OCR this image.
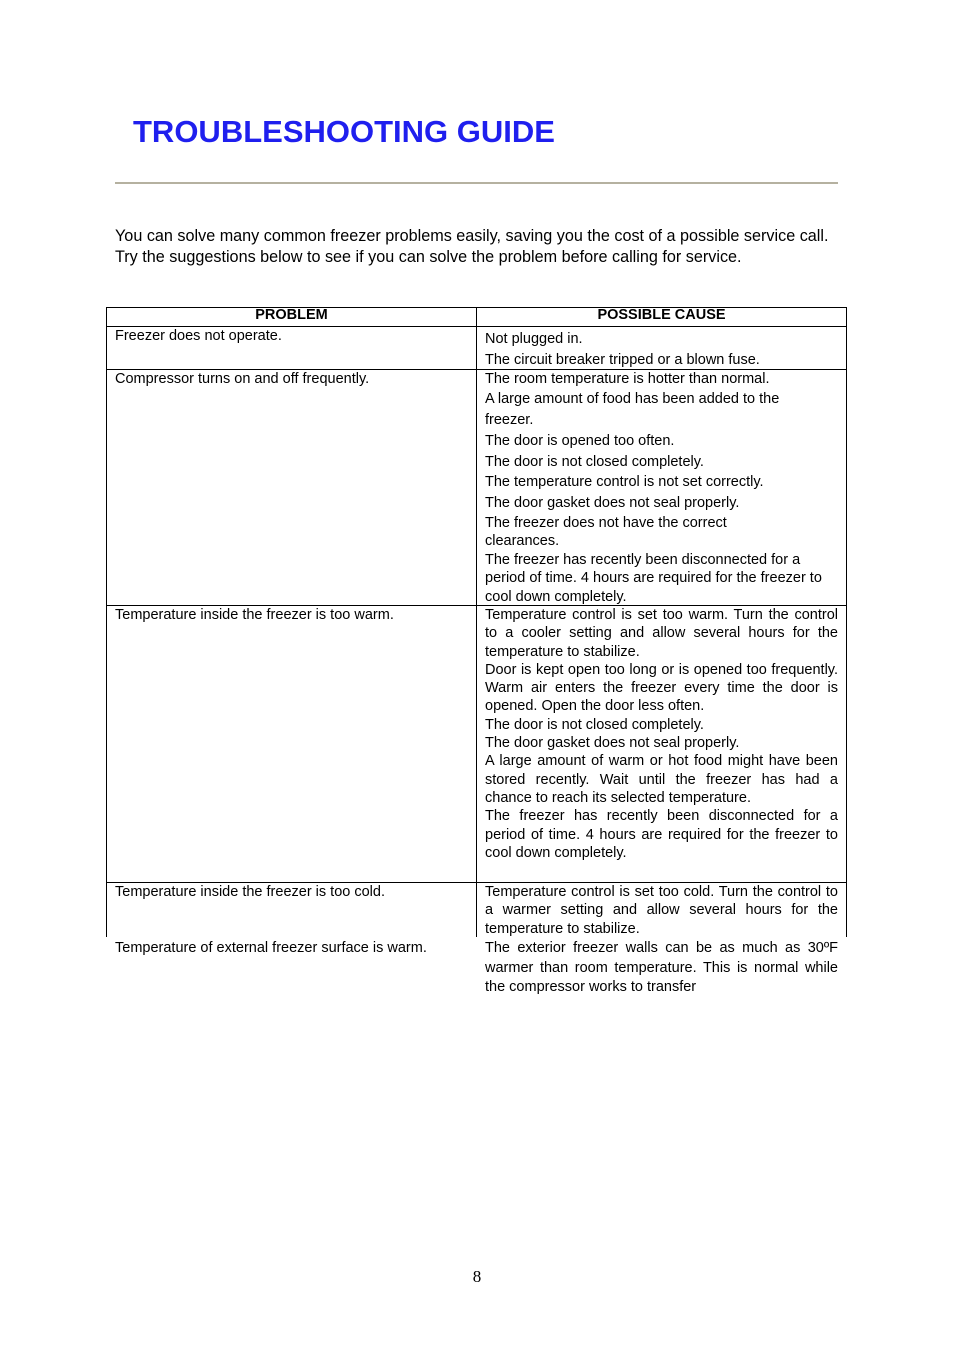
TROUBLESHOOTING GUIDE

You can solve many common freezer problems easily, saving you the cost of a possible service call. Try the suggestions below to see if you can solve the problem before calling for service.

PROBLEM	POSSIBLE CAUSE
Freezer does not operate.	Not plugged in.
The circuit breaker tripped or a blown fuse.
Compressor turns on and off frequently.	The room temperature is hotter than normal.
A large amount of food has been added to the freezer.
The door is opened too often.
The door is not closed completely.
The temperature control is not set correctly.
The door gasket does not seal properly.
The freezer does not have the correct clearances.
The freezer has recently been disconnected for a period of time. 4 hours are required for the freezer to cool down completely.
Temperature inside the freezer is too warm.	Temperature control is set too warm. Turn the control to a cooler setting and allow several hours for the temperature to stabilize.
Door is kept open too long or is opened too frequently. Warm air enters the freezer every time the door is opened. Open the door less often.
The door is not closed completely.
The door gasket does not seal properly.
A large amount of warm or hot food might have been stored recently. Wait until the freezer has had a chance to reach its selected temperature.
The freezer has recently been disconnected for a period of time. 4 hours are required for the freezer to cool down completely.
Temperature inside the freezer is too cold.	Temperature control is set too cold. Turn the control to a warmer setting and allow several hours for the temperature to stabilize.
Temperature of external freezer surface is warm.	The exterior freezer walls can be as much as 30ºF warmer than room temperature. This is normal while the compressor works to transfer
8
